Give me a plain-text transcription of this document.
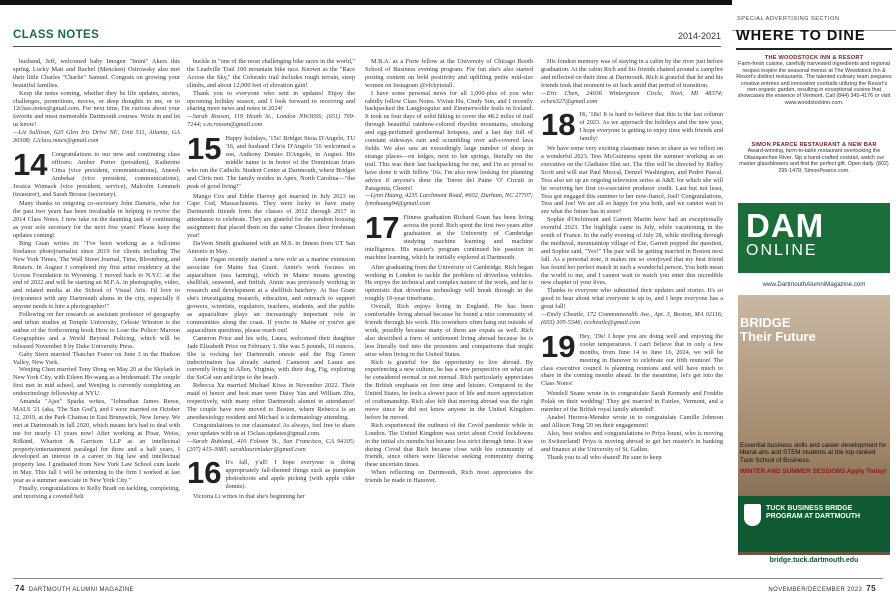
CLASS NOTES	2014-2021

husband, Jeff, welcomed baby Imogen "Imini" Akers this spring. Lucky Matt and Rachel (Mencken) Ostrowsky also met their little Charles "Charlie" Samuel. Congrats on growing your beautiful families.

Keep the notes coming, whether they be life updates, stories, challenges, promotions, moves, or deep thoughts to me, or to 12class.notes@gmail.com. For next time, I'm curious about your favorite and most memorable Dartmouth courses. Write in and let us know!

—Liz Sullivan, 620 Glen Iris Drive NE, Unit 511, Atlanta, GA 30308; 12class.notes@gmail.com

14 Congratulations to our new and continuing class officers: Amber Porter (president), Katherine Cima (vice president, communications), Aneesh Ambekar (vice president, communications), Jessica Womack (vice president, service), Malcolm Lemmeh (treasurer), and Sarah Brouse (secretary).

Many thanks to outgoing co-secretary John Damiris, who for the past two years has been invaluable in helping to revive the 2014 Class Notes. I now take on the daunting task of continuing as your sole secretary for the next five years! Please keep the updates coming!

Bing Guan writes in: "I've been working as a full-time freelance photojournalist since 2019 for clients including The New York Times, The Wall Street Journal, Time, Bloomberg, and Reuters. In August I completed my first artist residency at the Ucross Foundation in Wyoming. I moved back to N.Y.C. at the end of 2022 and will be starting an M.F.A. in photography, video, and related media at the School of Visual Arts. I'd love to (re)connect with any Dartmouth alums in the city, especially if anyone needs to hire a photographer!"

Following on her research as assistant professor of geography and urban studies at Temple University, Celeste Winston is the author of the forthcoming book How to Lose the Police: Maroon Geographies and a World Beyond Policing, which will be released November 8 by Duke University Press.

Gaby Stern married Thatcher Foster on June 3 in the Hudson Valley, New York.

Wenjing Chen married Tony Dong on May 20 at the Skylark in New York City, with Eileen Ho-wang as a bridesmaid. The couple first met in mid school, and Wenjing is currently completing an endocrinology fellowship at NYU.

Amanda "Ajax" Sparks writes, "Johnathan James Reese, MALS '21 (aka, 'The Sun God'), and I were married on October 12, 2019, at the Park Chateau in East Brunswick, New Jersey. We met at Dartmouth in fall 2020, which means he's had to deal with me for nearly 13 years now! After working at Pixar, Weiss, Rifkind, Wharton & Garrison LLP as an intellectual property/entertainment paralegal for three and a half years, I developed an interest in a career in big law and intellectual property law. I graduated from New York Law School cum laude in May. This fall I will be returning to the firm I worked at last year as a summer associate in New York City."

Finally, congratulations to Kelly Bradt on tackling, completing, and receiving a coveted belt

buckle in "one of the most challenging bike races in the world," the Leadville Trail 100 mountain bike race. Known as the "Race Across the Sky," the Colorado trail includes rough terrain, steep climbs, and about 12,000 feet of elevation gain!

Thank you to everyone who sent in updates! Enjoy the upcoming holiday season, and I look forward to receiving and sharing more news and notes in 2024!

—Sarah Rosson, 119 Heath St., London NW36SS; (651) 769-7244; s.m.rosson@gmail.com

15 Happy holidays, '15s! Bridget Stoia D'Angelo, TU '16, and husband Chris D'Angelo '16 welcomed a son, Anthony Donato D'Angelo, in August. His middle name is in honor of the Dominican friars who run the Catholic Student Center at Dartmouth, where Bridget and Chris met. The family resides in Apex, North Carolina—"the peak of good living!"

Mango Cox and Eddie Harvey got married in July 2023 on Cape Cod, Massachusetts. They were lucky to have many Dartmouth friends from the classes of 2012 through 2017 in attendance to celebrate. They are grateful for the random housing assignment that placed them on the same Choates floor freshman year!

DaVeon Smith graduated with an M.S. in fitness from UT San Antonio in May.

Annie Fagan recently started a new role as a marine extension associate for Maine Sea Grant. Annie's work focuses on aquaculture (sea farming), which in Maine means growing shellfish, seaweed, and finfish. Annie was previously working in research and development at a shellfish hatchery. At Sea Grant she's investigating research, education, and outreach to support growers, scientists, regulators, teachers, students, and the public as aquaculture plays an increasingly important role in communities along the coast. If you're in Maine or you've got aquaculture questions, please reach out!

Cameron Price and his wife, Laura, welcomed their daughter Jade Elizabeth Price on February 1. She was 5 pounds, 10 ounces. She is rocking her Dartmouth onesie and the Big Green indoctrination has already started. Cameron and Laura are currently living in Allen, Virginia, with their dog, Fig, exploring the SoCal sun and trips to the beach.

Rebecca Xu married Michael Kiwa in November 2022. Their maid of honor and best man were Daisy Yan and William Zhu, respectively, with many other Dartmouth alumni in attendance! The couple have now moved to Boston, where Rebecca is an anesthesiology resident and Michael is a dermatology attending.

Congratulations to our classmates! As always, feel free to share your updates with us at 15class.updates@gmail.com.

—Sarah Rubland, 410 Folsom St., San Francisco, CA 94105; (207) 415-3085; sarahlaurenlaker@gmail.com

16 It's fall, y'all! I hope everyone is doing appropriately fall-themed things such as pumpkin photoshoots and apple picking (with apple cider donuts).

Victoria Li writes in that she's beginning her

M.B.A. as a Forte fellow at the University of Chicago Booth School of Business evening program. For fun she's also started posting content on bold positivity and uplifting petite mid-size women on Instagram @vickytotall.

I have some personal news for all 1,000-plus of you who rabidly follow Class Notes. Vivian Hu, Cindy Sun, and I recently backpacked the Langjoeguiur and Zimmerwohle trails in Iceland. It took us four days of solid hiking to cover the 48.2 miles of trail through beautiful rainbow-colored rhyolite mountains, smoking and egg-perfumed geothermal hotspots, and a last day full of constant sideways rain and scrambling over ash-covered lava fields. We also saw an exceedingly large number of sheep in strange places—on ledges, next to hot springs, literally on the trail. This was their last backpacking for me, and I'm so proud to have done it with fellow '16s. I'm also now looking for planning advice if anyone's done the Torres del Paine 'O' Circuit in Patagonia, Cheers!

—Lynn Huang, 4235 Larchmont Road, #602, Durham, NC 27707; lynnhuang94@gmail.com

17 Fitness graduation Richard Guan has been living across the pond. Rich spent the first two years after graduation at the University of Cambridge studying machine learning and machine intelligence. His master's program continued his passion in machine learning, which he initially explored at Dartmouth.

After graduating from the University of Cambridge, Rich began working in London to tackle the problem of driverless vehicles. He enjoys the technical and complex nature of the work, and he is optimistic that driverless technology will break through in the roughly 10-year timeframe.

Overall, Rich enjoys living in England. He has been comfortable living abroad because he found a nice community of friends through his work. His coworkers often hang out outside of work, possibly because many of them are expats as well. Rich also described a form of settlement living abroad because he is less literally tied into the pressures and comparisons that might arise when living in the United States.

Rich is grateful for the opportunity to live abroad. By experiencing a new culture, he has a new perspective on what can be considered normal or not normal. Rich particularly appreciates the British emphasis on free time and leisure. Compared to the United States, he feels a slower pace of life and more appreciation of craftsmanship. Rich also felt that moving abroad was the right move since he did not know anyone in the United Kingdom before he moved.

Rich experienced the outburst of the Covid pandemic while in London. The United Kingdom was strict about Covid lockdowns in the initial six months but became less strict through time. It was during Covid that Rich became close with his community of friends, since others were likewise seeking community during these uncertain times.

When reflecting on Dartmouth, Rich most appreciates the friends he made in Hanover.

His fondest memory was of staying in a cabin by the river just before graduation. At the cabin Rich and his friends chatted around a campfire and reflected on their time at Dartmouth. Rich is grateful that he and his friends took that moment to sit back amid that period of transition.

—Eric Chen, 24036 Wintergreen Circle, Novi, MI 48374; echen327@gmail.com

18 Hi, '18s! It is hard to believe that this is the last column of 2023. As we approach the holidays and the new year, I hope everyone is getting to enjoy time with friends and family!

We have some very exciting classmate news to share as we reflect on a wonderful 2023. Tess McGuinness spent the summer working as an executive on the Gladiator film set. The film will be directed by Ridley Scott and will star Paul Mescal, Denzel Washington, and Pedro Pascal. Tess also set up an ongoing television series at A&E for which she will be receiving her first co-executive producer credit. Last but not least, Tess got engaged this summer to her now-fiancé, Joel! Congratulations, Tess and Joe! We are all so happy for you both, and we cannot wait to see what the future has in store!

Sophie d'Orchimont and Garrett Martin have had an exceptionally eventful 2023. The highlight came in July, while vacationing in the south of France. In the early evening of July 28, while strolling through the medieval, mountaintop village of Èze, Garrett popped the question, and Sophie said, "Yes!" The pair will be getting married in Boston next fall. As a personal note, it makes me so overjoyed that my best friend has found her perfect match in such a wonderful person. You both mean the world to me, and I cannot wait to watch you enter this incredible new chapter of your lives.

Thanks to everyone who submitted their updates and stories. It's so good to hear about what everyone is up to, and I hope everyone has a great fall!

—Emily Cheatle, 172 Commonwealth Ave., Apt. 3, Boston, MA 02116; (603) 305-5346; eccheatle@gmail.com

19 Hey, '19s! I hope you are doing well and enjoying the cooler temperatures. I can't believe that in only a few months, from June 14 to June 16, 2024, we will be meeting in Hanover to celebrate our fifth reunion! The class executive council is planning reunions and will have much to share in the coming months ahead. In the meantime, let's get into the Class Notes!

Wendell Seane wrote in to congratulate Sarah Kennedy and Freddie Polak on their wedding! They got married in Fairlee, Vermont, and a member of the British royal family attended!

Anabel Herrera-Mendez wrote in to congratulate Camille Johnson and Allison Tong '20 on their engagement!

Also, best wishes and congratulations to Priya Israni, who is moving to Switzerland! Priya is moving abroad to get her master's in banking and finance at the University of St. Gallen.

Thank you to all who shared! Be sure to keep

SPECIAL ADVERTISING SECTION
WHERE TO DINE
THE WOODSTOCK INN & RESORT
Farm-fresh cuisine, carefully harvested ingredients and regional recipes inspire the seasonal menus at The Woodstock Inn & Resort's distinct restaurants. The talented culinary team prepares creative entrées and innovative cocktails utilizing the Resort's own organic garden, resulting in exceptional cuisine that showcases the essence of Vermont. Call (844) 345-4176 or visit www.woodstockinn.com.
SIMON PEARCE RESTAURANT & NEW BAR
Award-winning, farm-to-table restaurant overlooking the Ottauquechee River. Sip a hand-crafted cocktail, watch our master glassblowers and find the perfect gift. Open daily. (802) 295-1470; SimonPearce.com.
DAM
ONLINE
www.DartmouthAlumniMagazine.com
BRIDGE Their Future
Essential business skills and career development for liberal arts and STEM students at the top-ranked Tuck School of Business.
WINTER AND SUMMER SESSIONS Apply Today!
TUCK BUSINESS BRIDGE PROGRAM AT DARTMOUTH
bridge.tuck.dartmouth.edu
74 DARTMOUTH ALUMNI MAGAZINE	NOVEMBER/DECEMBER 2023 75
